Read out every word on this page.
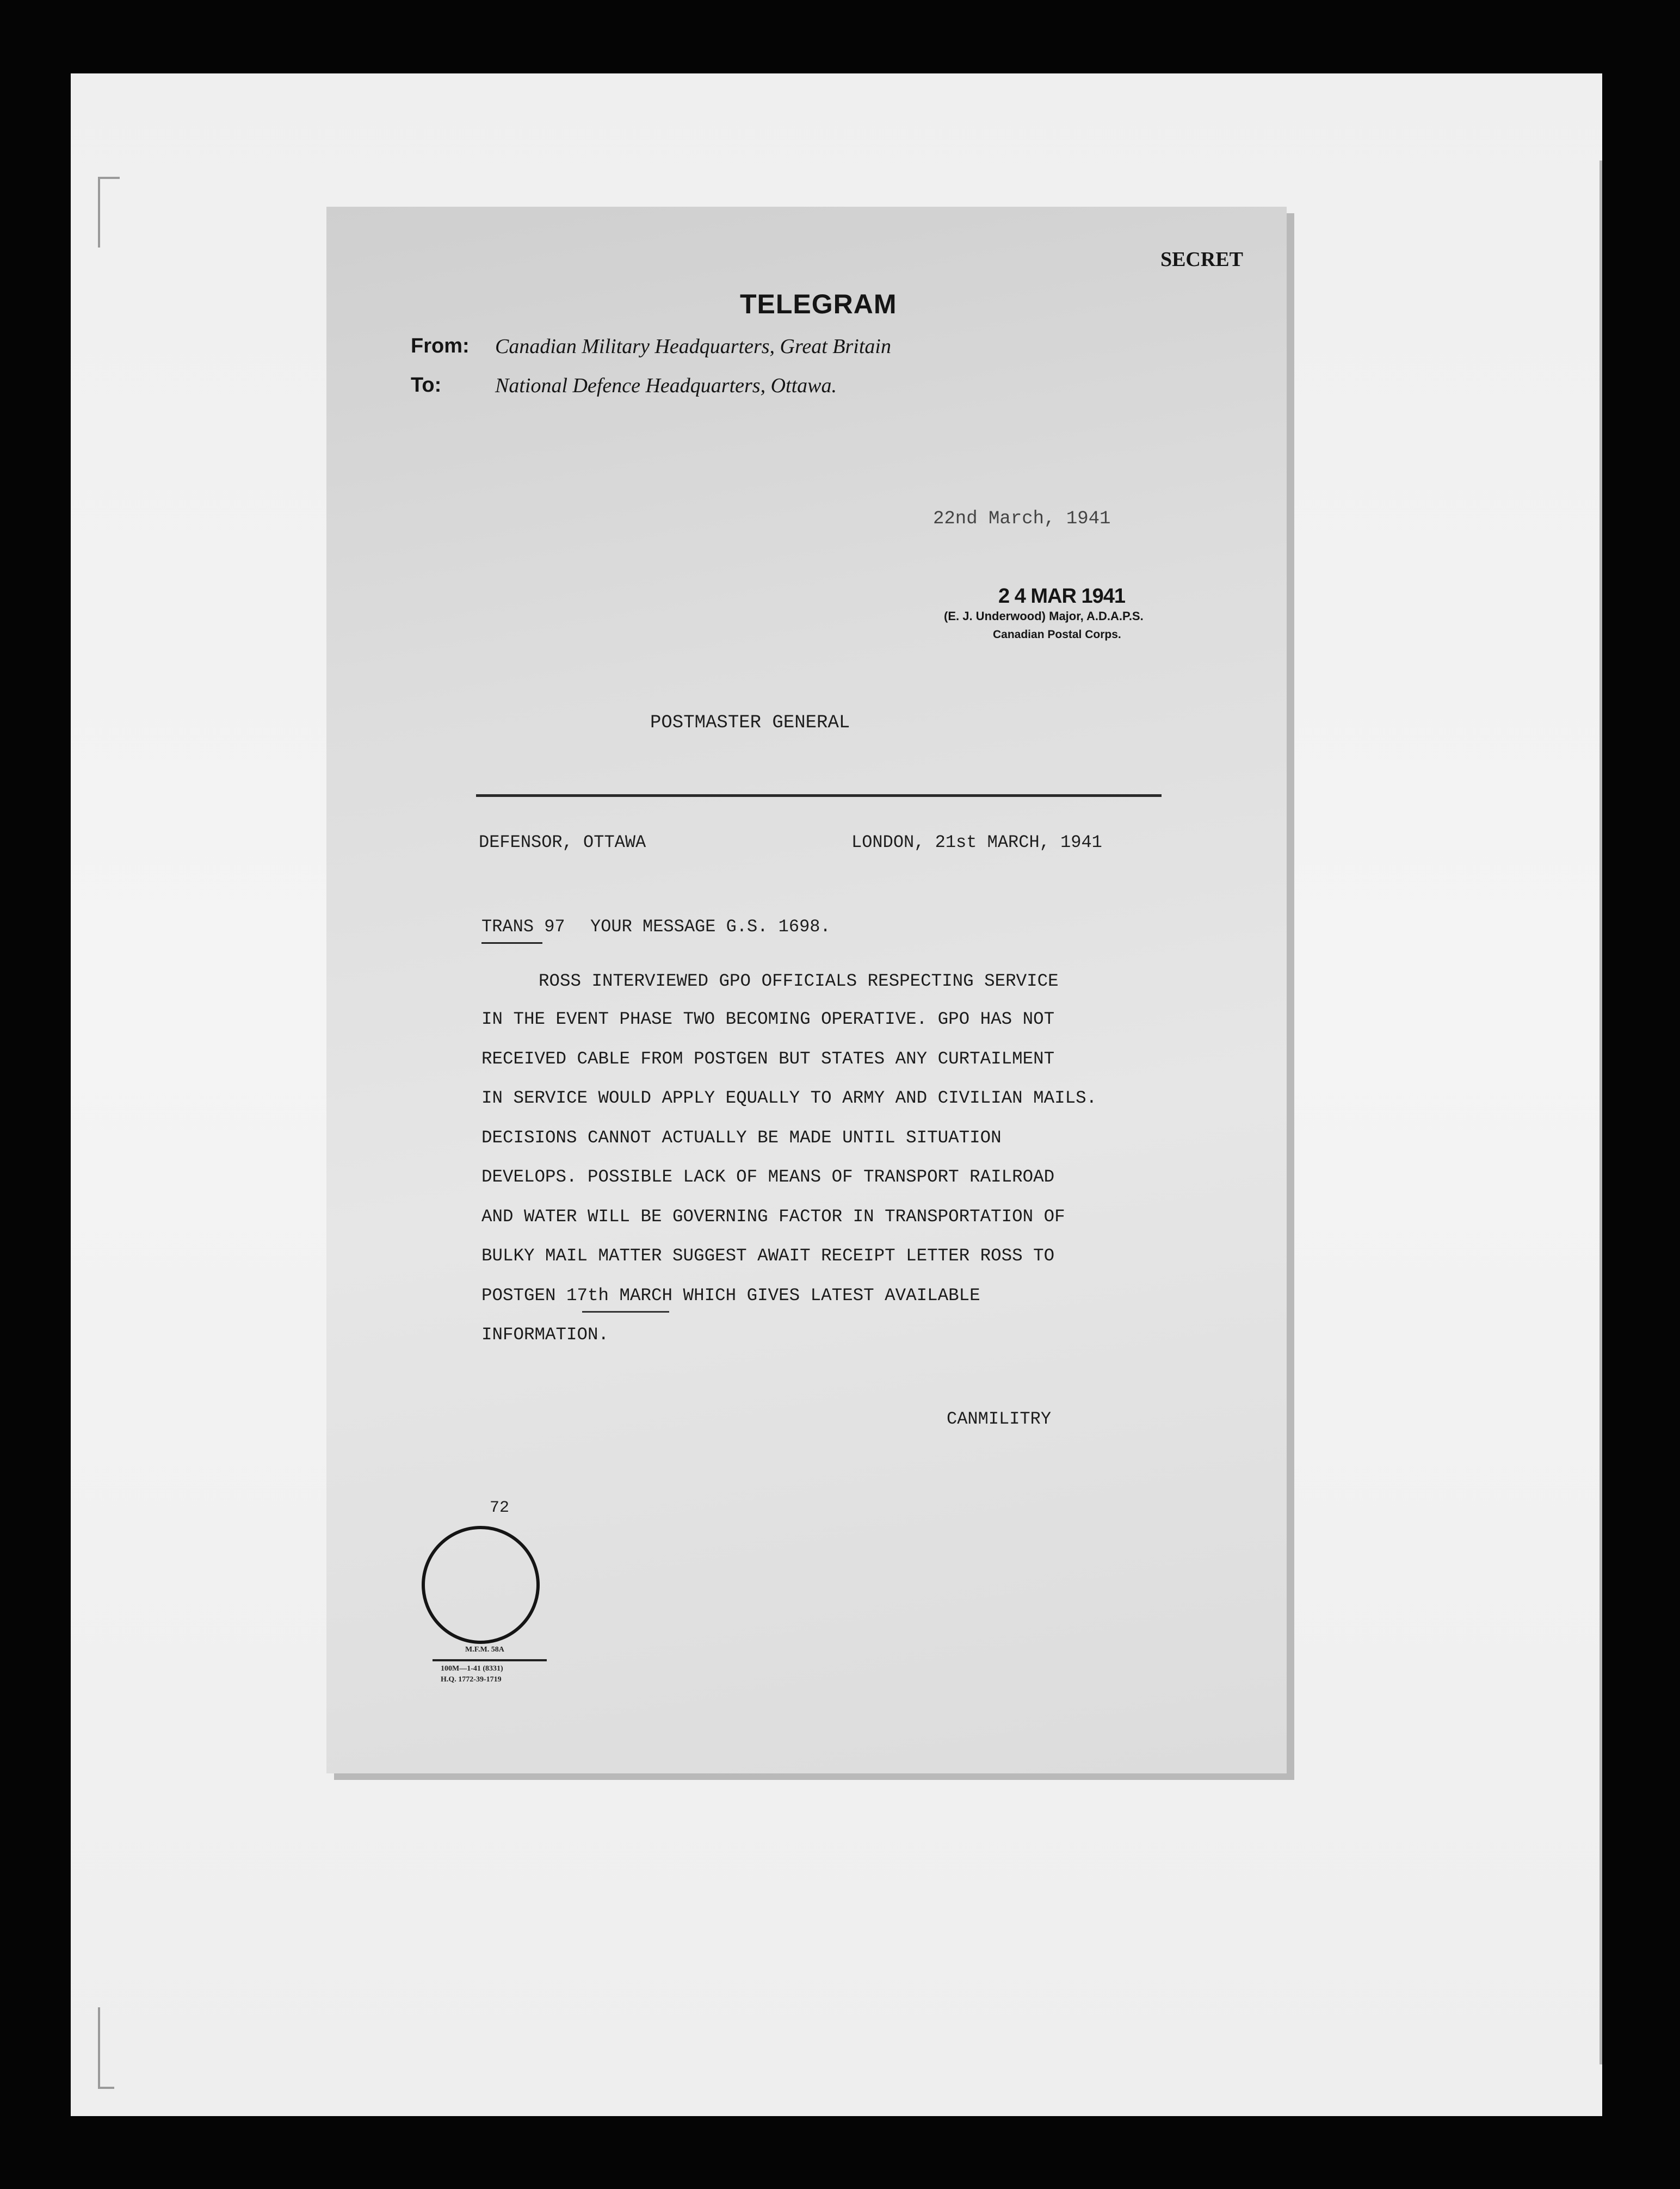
SECRET
TELEGRAM
From: Canadian Military Headquarters, Great Britain
To:	National Defence Headquarters, Ottawa.
22nd March, 1941
2 4 MAR 1941
(E. J. Underwood) Major, A.D.A.P.S.
Canadian Postal Corps.
POSTMASTER GENERAL
DEFENSOR, OTTAWA	LONDON, 21st MARCH, 1941
TRANS 97 YOUR MESSAGE G.S. 1698.
ROSS INTERVIEWED GPO OFFICIALS RESPECTING SERVICE
IN THE EVENT PHASE TWO BECOMING OPERATIVE. GPO HAS NOT
RECEIVED CABLE FROM POSTGEN BUT STATES ANY CURTAILMENT
IN SERVICE WOULD APPLY EQUALLY TO ARMY AND CIVILIAN MAILS.
DECISIONS CANNOT ACTUALLY BE MADE UNTIL SITUATION
DEVELOPS. POSSIBLE LACK OF MEANS OF TRANSPORT RAILROAD
AND WATER WILL BE GOVERNING FACTOR IN TRANSPORTATION OF
BULKY MAIL MATTER SUGGEST AWAIT RECEIPT LETTER ROSS TO
POSTGEN 17th MARCH WHICH GIVES LATEST AVAILABLE
INFORMATION.
CANMILITRY
72
M.F.M. 58A
100M—1-41 (8331)
H.Q. 1772-39-1719
